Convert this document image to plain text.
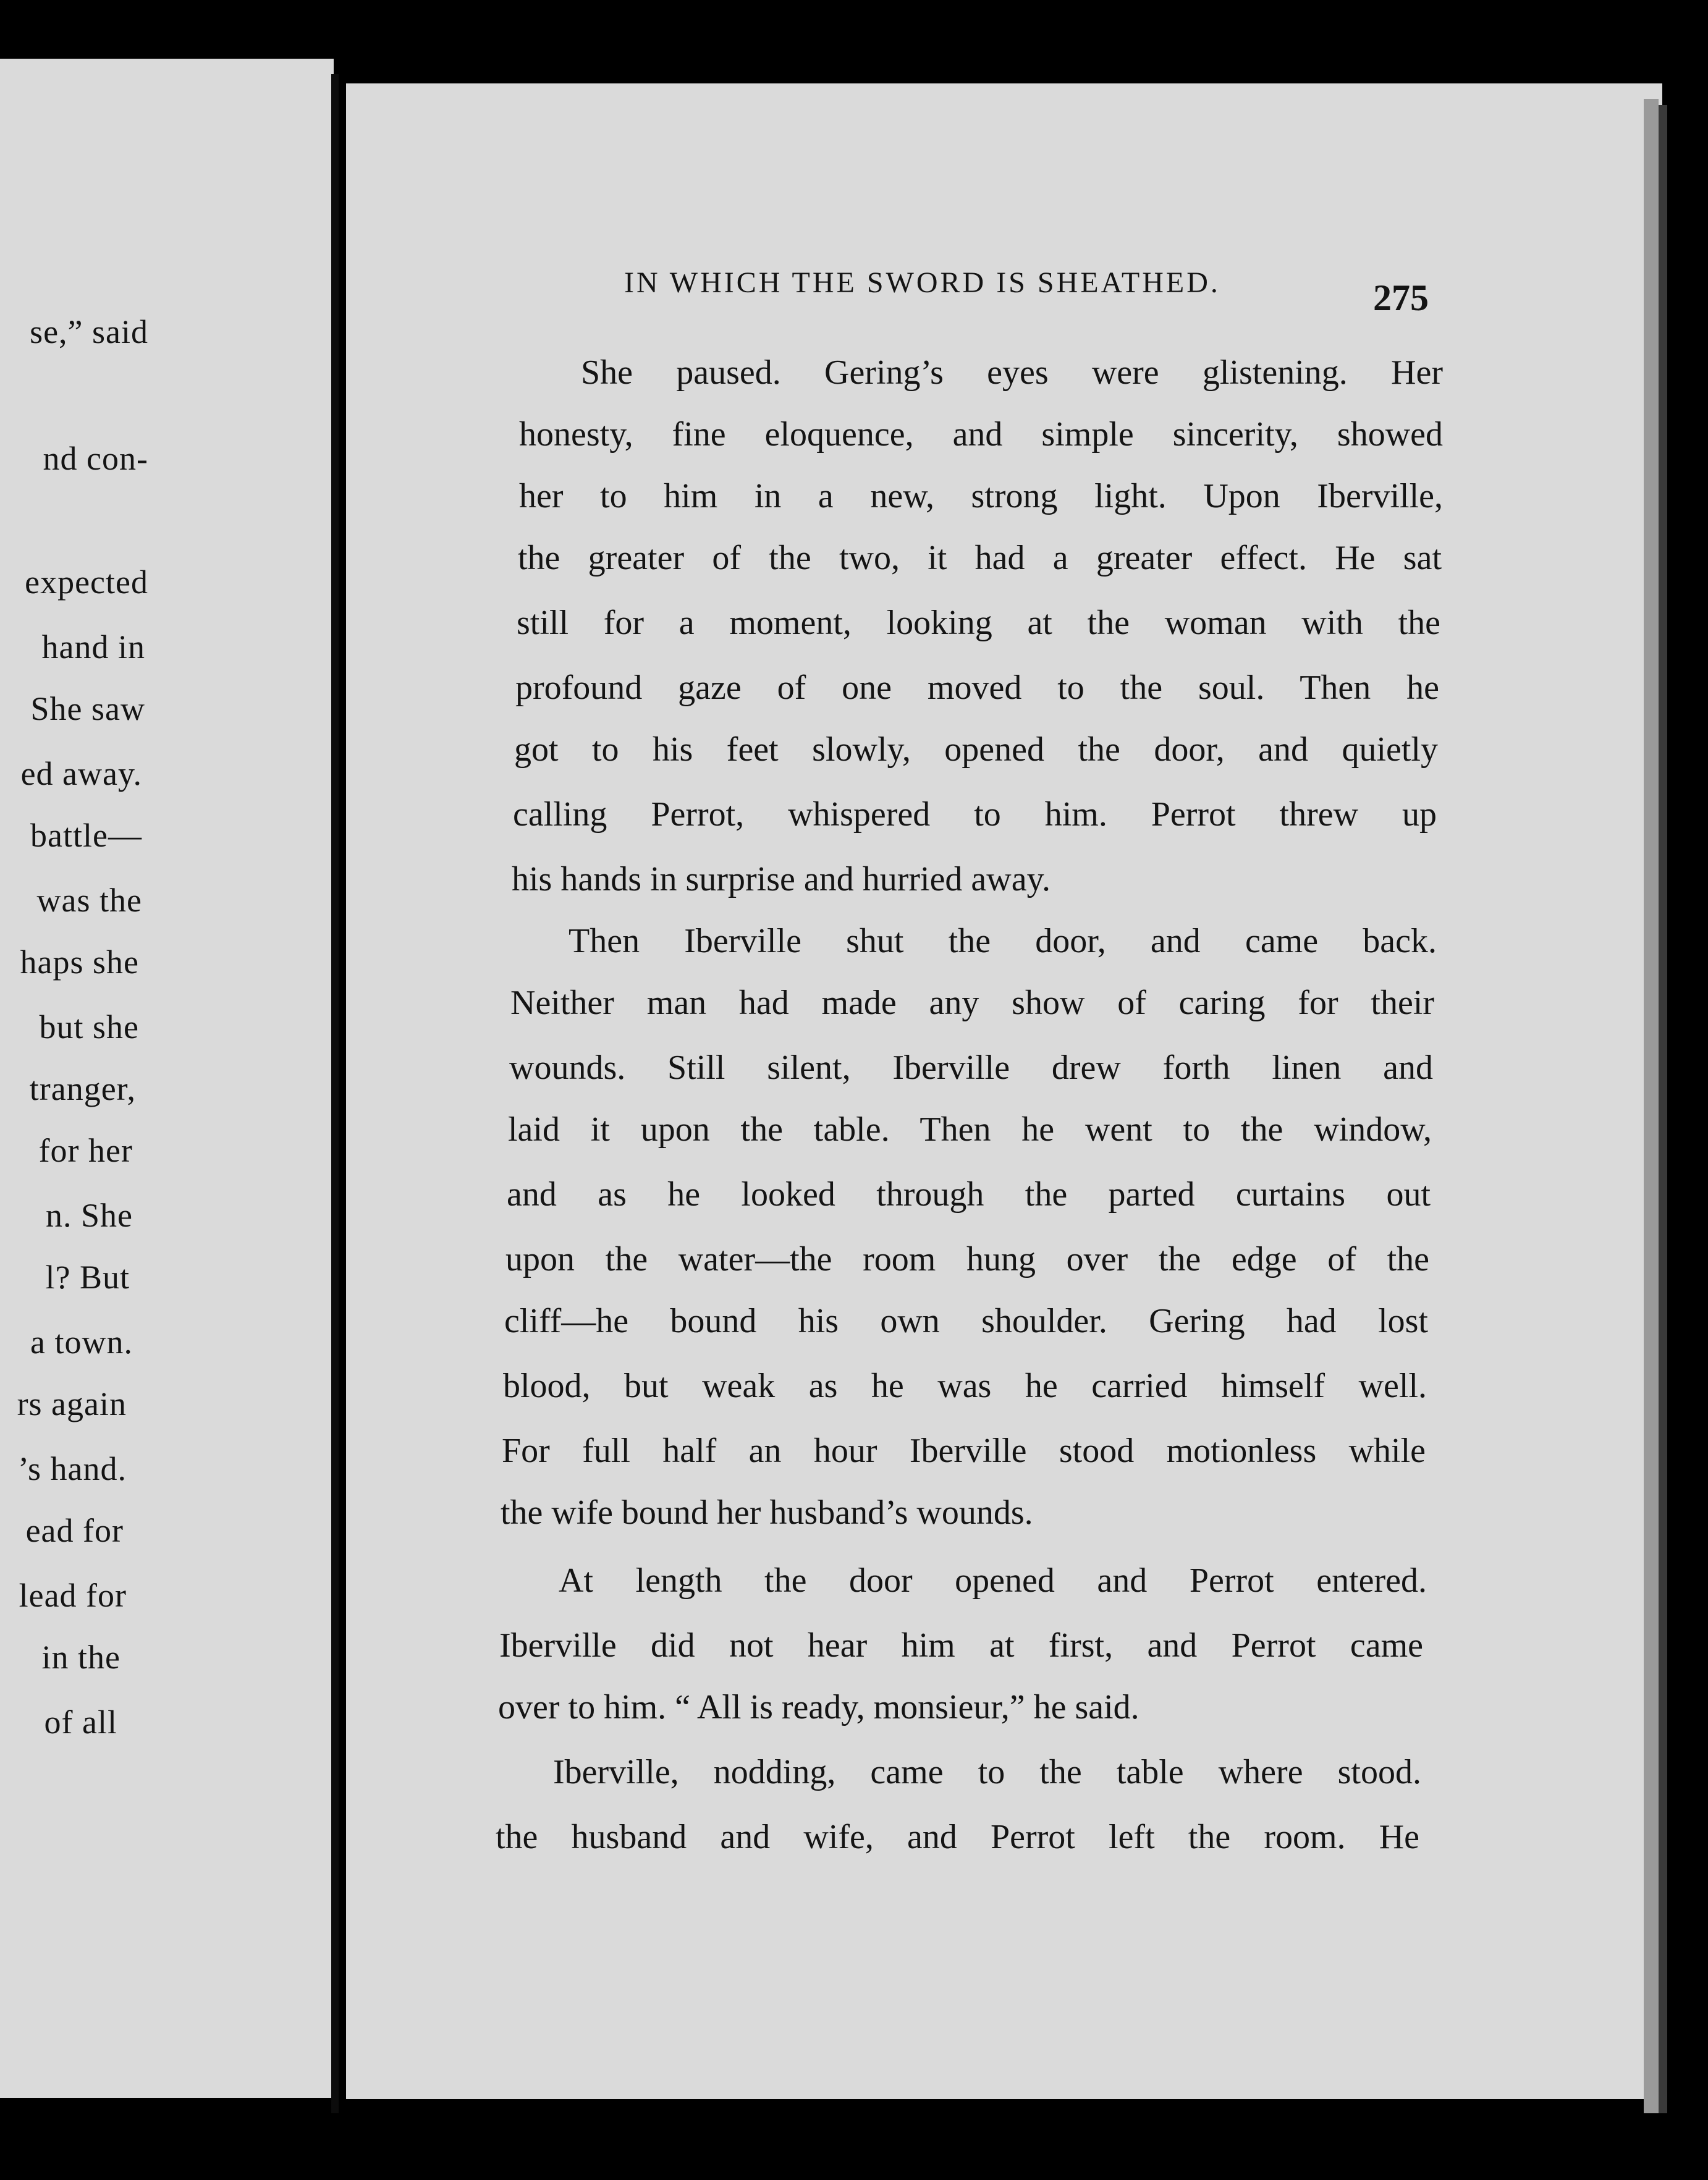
se,” said
nd con-
expected
hand in
She saw
ed away.
battle—
was the
haps she
but she
tranger,
for her
n. She
l? But
a town.
rs again
’s hand.
ead for
lead for
in the
of all
IN WHICH THE SWORD IS SHEATHED.	275
She paused. Gering’s eyes were glistening. Her
honesty, fine eloquence, and simple sincerity, showed
her to him in a new, strong light. Upon Iberville,
the greater of the two, it had a greater effect. He sat
still for a moment, looking at the woman with the
profound gaze of one moved to the soul. Then he
got to his feet slowly, opened the door, and quietly
calling Perrot, whispered to him. Perrot threw up
his hands in surprise and hurried away.
Then Iberville shut the door, and came back.
Neither man had made any show of caring for their
wounds. Still silent, Iberville drew forth linen and
laid it upon the table. Then he went to the window,
and as he looked through the parted curtains out
upon the water—the room hung over the edge of the
cliff—he bound his own shoulder. Gering had lost
blood, but weak as he was he carried himself well.
For full half an hour Iberville stood motionless while
the wife bound her husband’s wounds.
At length the door opened and Perrot entered.
Iberville did not hear him at first, and Perrot came
over to him. “ All is ready, monsieur,” he said.
Iberville, nodding, came to the table where stood.
the husband and wife, and Perrot left the room. He
